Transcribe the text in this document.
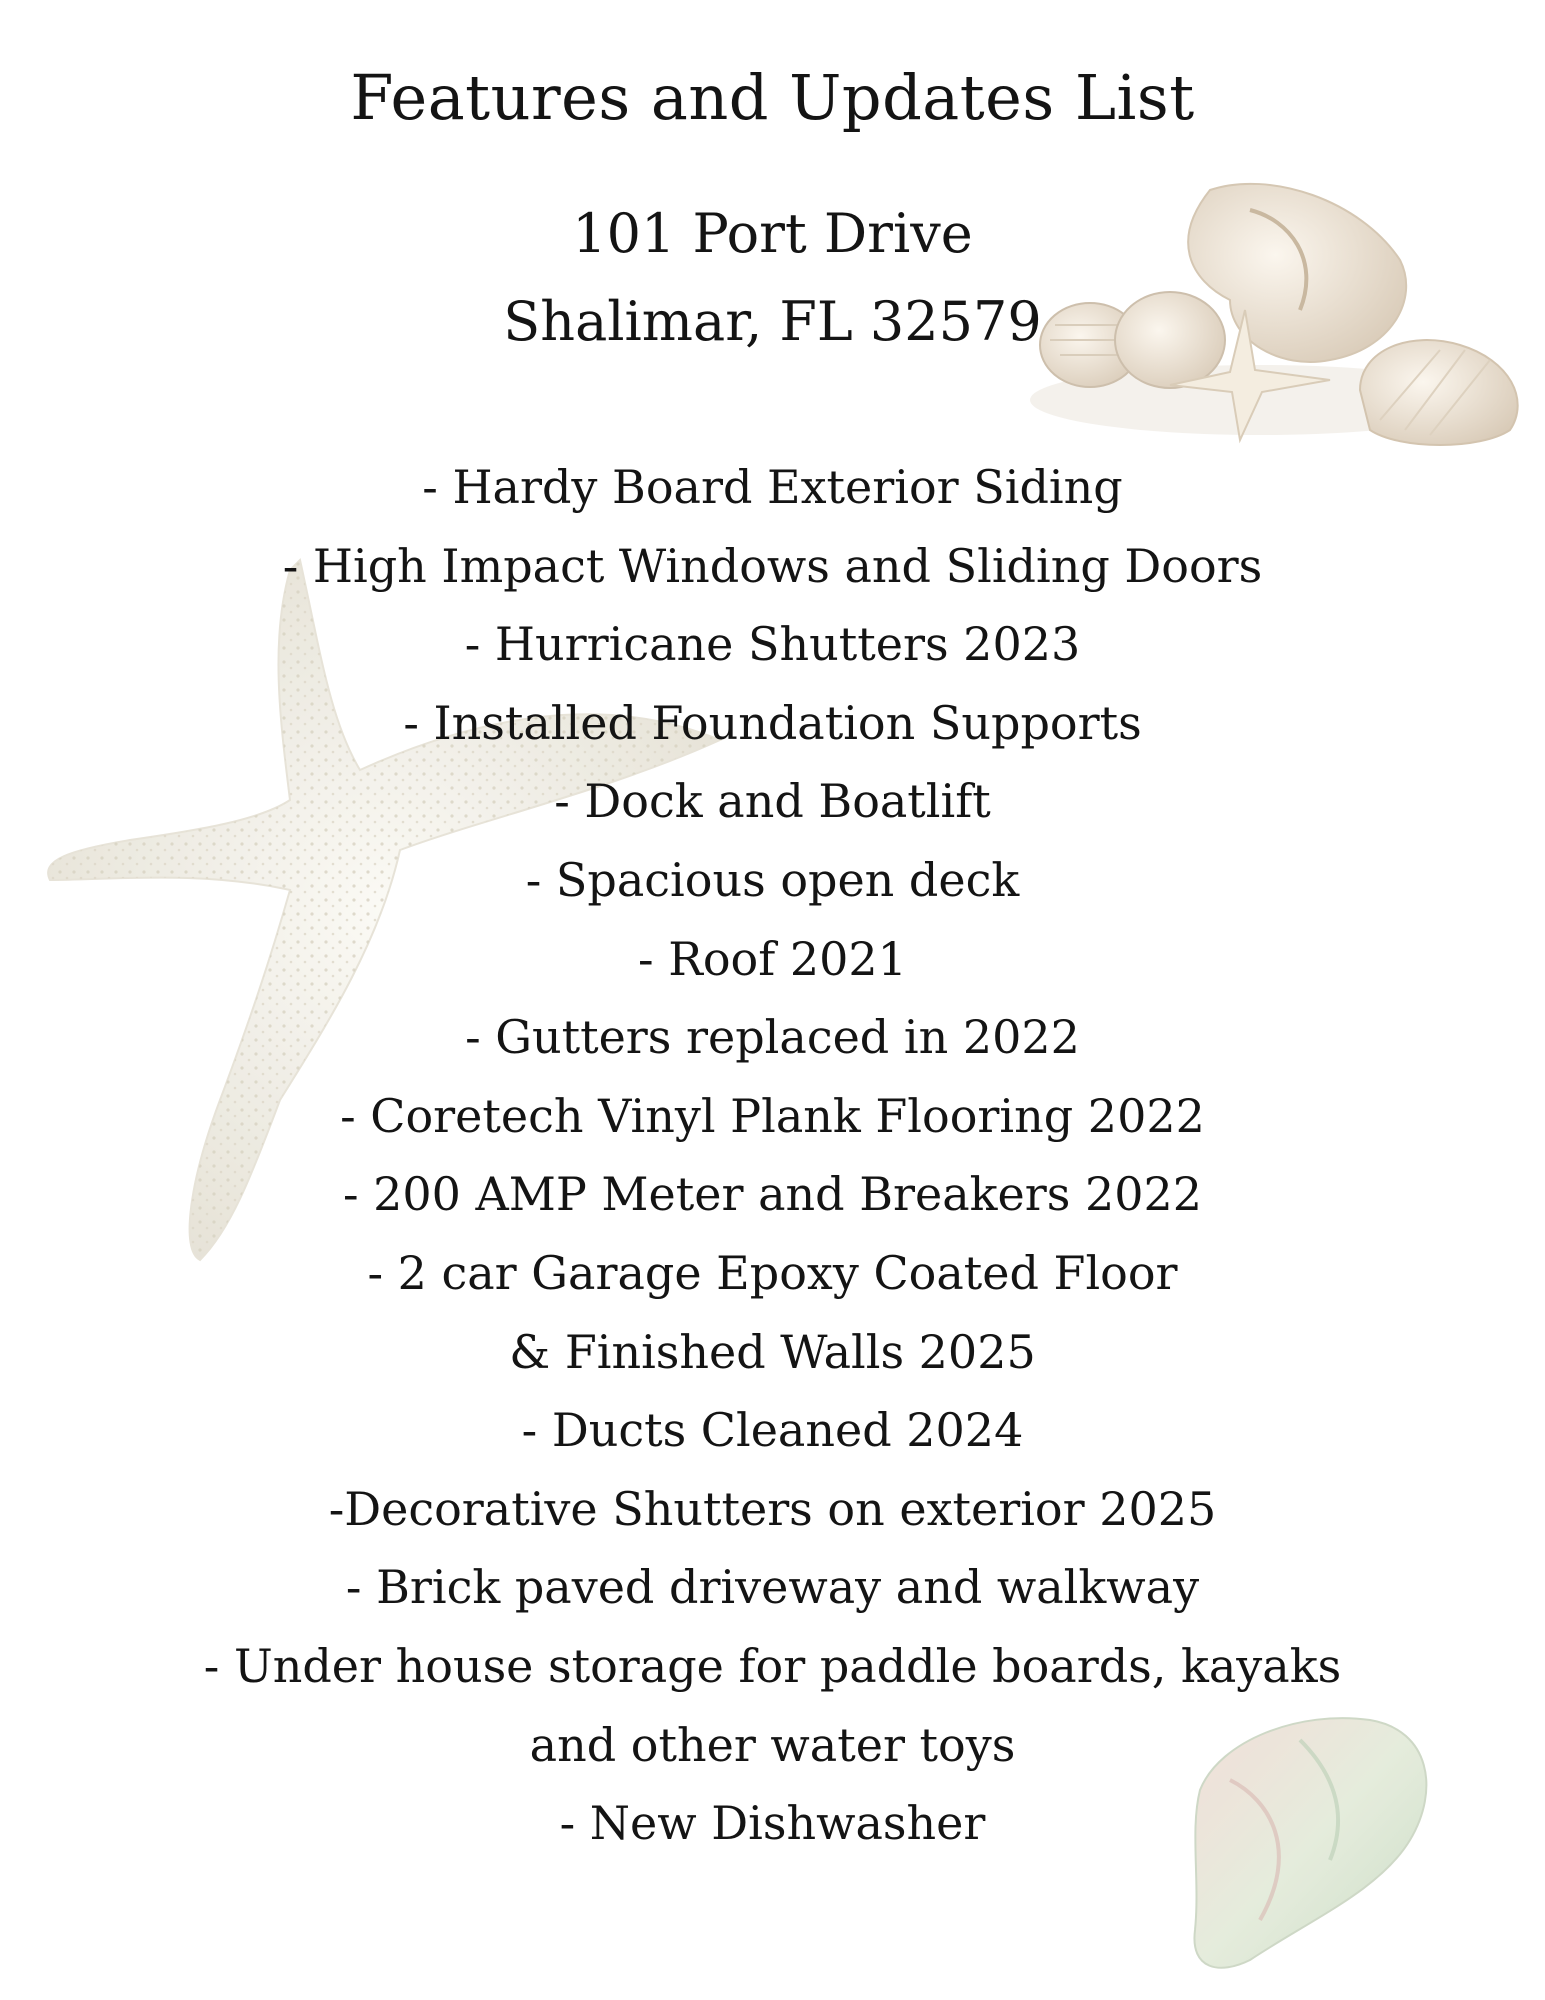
Features and Updates List
101 Port Drive
Shalimar, FL 32579
- Hardy Board Exterior Siding
- High Impact Windows and Sliding Doors
- Hurricane Shutters 2023
- Installed Foundation Supports
- Dock and Boatlift
- Spacious open deck
- Roof 2021
- Gutters replaced in 2022
- Coretech Vinyl Plank Flooring 2022
- 200 AMP Meter and Breakers 2022
- 2 car Garage Epoxy Coated Floor
& Finished Walls 2025
- Ducts Cleaned 2024
-Decorative Shutters on exterior 2025
- Brick paved driveway and walkway
- Under house storage for paddle boards, kayaks
and other water toys
- New Dishwasher
